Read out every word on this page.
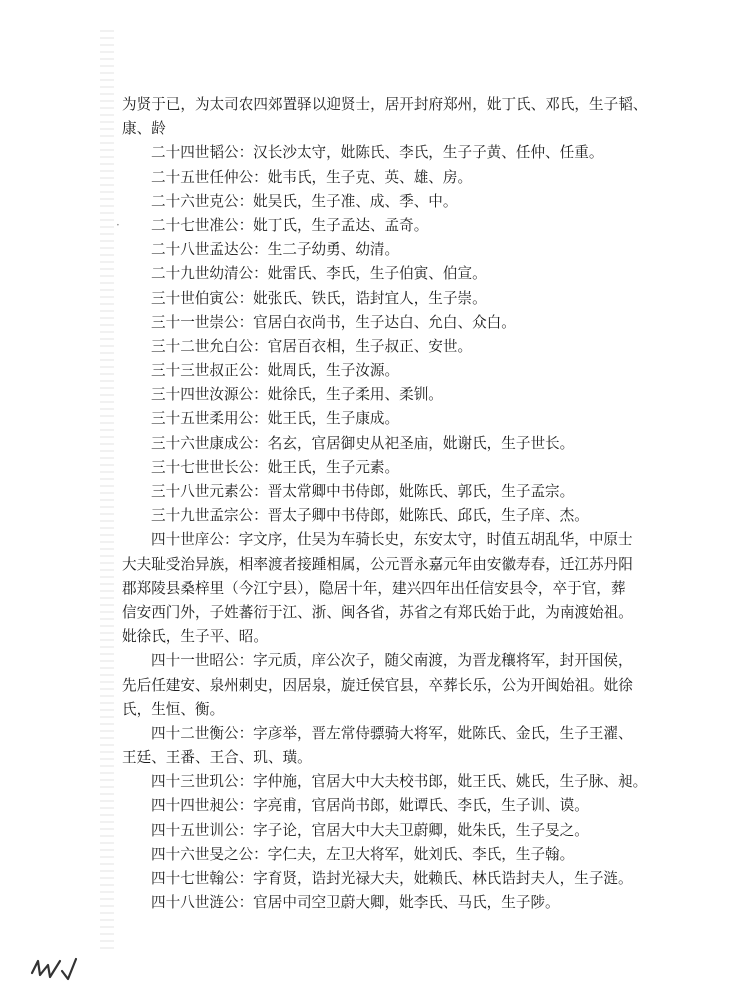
·
为贤于已，为太司农四郊置驿以迎贤士，居开封府郑州，妣丁氏、邓氏，生子韬、
康、龄
二十四世韬公：汉长沙太守，妣陈氏、李氏，生子子黄、任仲、任重。
二十五世任仲公：妣韦氏，生子克、英、雄、房。
二十六世克公：妣吴氏，生子准、成、季、中。
二十七世准公：妣丁氏，生子孟达、孟奇。
二十八世孟达公：生二子幼勇、幼清。
二十九世幼清公：妣雷氏、李氏，生子伯寅、伯宣。
三十世伯寅公：妣张氏、铁氏，诰封宜人，生子崇。
三十一世崇公：官居白衣尚书，生子达白、允白、众白。
三十二世允白公：官居百衣相，生子叔正、安世。
三十三世叔正公：妣周氏，生子汝源。
三十四世汝源公：妣徐氏，生子柔用、柔钏。
三十五世柔用公：妣王氏，生子康成。
三十六世康成公：名玄，官居御史从祀圣庙，妣谢氏，生子世长。
三十七世世长公：妣王氏，生子元素。
三十八世元素公：晋太常卿中书侍郎，妣陈氏、郭氏，生子孟宗。
三十九世孟宗公：晋太子卿中书侍郎，妣陈氏、邱氏，生子庠、杰。
四十世庠公：字文序，仕吴为车骑长史，东安太守，时值五胡乱华，中原士
大夫耻受治异族，相率渡者接踵相属，公元晋永嘉元年由安徽寿春，迁江苏丹阳
郡郑陵县桑梓里（今江宁县），隐居十年，建兴四年出任信安县令，卒于官，葬
信安西门外，子姓蕃衍于江、浙、闽各省，苏省之有郑氏始于此，为南渡始祖。
妣徐氏，生子平、昭。
四十一世昭公：字元质，庠公次子，随父南渡，为晋龙穰将军，封开国侯，
先后任建安、泉州刺史，因居泉，旋迁侯官县，卒葬长乐，公为开闽始祖。妣徐
氏，生恒、衡。
四十二世衡公：字彦举，晋左常侍骠骑大将军，妣陈氏、金氏，生子王濯、
王廷、王番、王合、玑、璜。
四十三世玑公：字仲施，官居大中大夫校书郎，妣王氏、姚氏，生子脉、昶。
四十四世昶公：字亮甫，官居尚书郎，妣谭氏、李氏，生子训、谟。
四十五世训公：字子论，官居大中大夫卫蔚卿，妣朱氏，生子旻之。
四十六世旻之公：字仁夫，左卫大将军，妣刘氏、李氏，生子翰。
四十七世翰公：字育贤，诰封光禄大夫，妣赖氏、林氏诰封夫人，生子涟。
四十八世涟公：官居中司空卫蔚大卿，妣李氏、马氏，生子陟。
